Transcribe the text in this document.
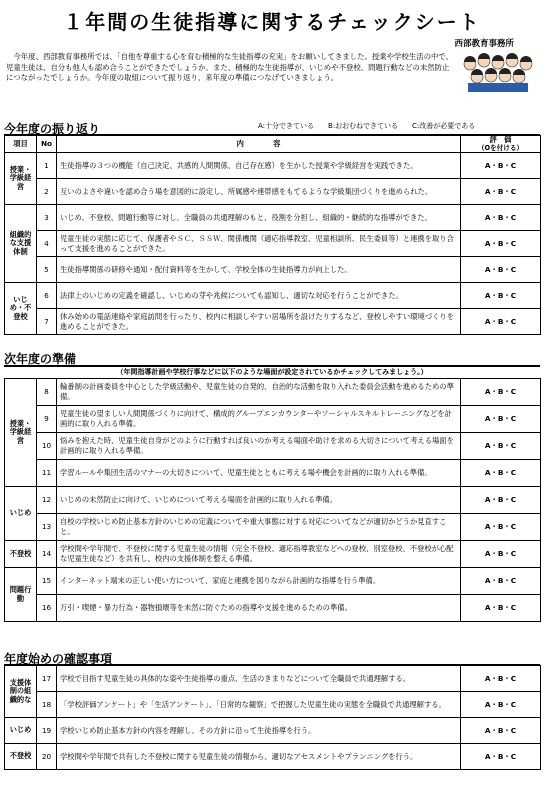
１年間の生徒指導に関するチェックシート
西部教育事務所
　今年度、西部教育事務所では、「自他を尊重する心を育む積極的な生徒指導の充実」をお願いしてきました。授業や学校生活の中で、児童生徒は、自分も他人も認め合うことができたでしょうか。また、積極的な生徒指導が、いじめや不登校、問題行動などの未然防止につながったでしょうか。今年度の取組について振り返り、来年度の準備につなげていきましょう。
今年度の振り返り	A:十分できている　　B:おおむねできている　　C:改善が必要である
項目	No	内　　　　容	評　価
（Oを付ける）

授業・学級経営	1	生徒指導の３つの機能（自己決定、共感的人間関係、自己存在感）を生かした授業や学級経営を実践できた。	A・B・C
	2	互いのよさや違いを認め合う場を意図的に設定し、所属感や連帯感をもてるような学級集団づくりを進められた。	A・B・C
組織的な支援体制	3	いじめ、不登校、問題行動等に対し、全職員の共通理解のもと、役割を分担し、組織的・継続的な指導ができた。	A・B・C
	4	児童生徒の実態に応じて、保護者やＳＣ、ＳＳＷ、関係機関（適応指導教室、児童相談所、民生委員等）と連携を取り合って支援を進めることができた。	A・B・C
	5	生徒指導関係の研修や通知・配付資料等を生かして、学校全体の生徒指導力が向上した。	A・B・C
いじめ・不登校	6	法律上のいじめの定義を確認し、いじめの芽や兆候についても認知し、適切な対応を行うことができた。	A・B・C
	7	休み始めの電話連絡や家庭訪問を行ったり、校内に相談しやすい居場所を設けたりするなど、登校しやすい環境づくりを進めることができた。	A・B・C
次年度の準備
（年間指導計画や学校行事などに以下のような場面が設定されているかチェックしてみましょう。）
授業・学級経営	8	輪番制の計画委員を中心とした学級活動や、児童生徒の自発的、自治的な活動を取り入れた委員会活動を進めるための準備。	A・B・C
	9	児童生徒の望ましい人間関係づくりに向けて、構成的グループエンカウンターやソーシャルスキルトレーニングなどを計画的に取り入れる準備。	A・B・C
	10	悩みを抱えた時、児童生徒自身がどのように行動すれば良いのか考える場面や助けを求める大切さについて考える場面を計画的に取り入れる準備。	A・B・C
	11	学習ルールや集団生活のマナーの大切さについて、児童生徒とともに考える場や機会を計画的に取り入れる準備。	A・B・C
いじめ	12	いじめの未然防止に向けて、いじめについて考える場面を計画的に取り入れる準備。	A・B・C
	13	自校の学校いじめ防止基本方針のいじめの定義についてや重大事態に対する対応についてなどが適切かどうか見直すこと。	A・B・C
不登校	14	学校間や学年間で、不登校に関する児童生徒の情報（完全不登校、適応指導教室などへの登校、別室登校、不登校が心配な児童生徒など）を共有し、校内の支援体制を整える準備。	A・B・C
問題行動	15	インターネット端末の正しい使い方について、家庭と連携を図りながら計画的な指導を行う準備。	A・B・C
	16	万引・喫煙・暴力行為・器物損壊等を未然に防ぐための指導や支援を進めるための準備。	A・B・C
年度始めの確認事項
支援体制の組織的な	17	学校で目指す児童生徒の具体的な姿や生徒指導の重点、生活のきまりなどについて全職員で共通理解する。	A・B・C
	18	「学校評価アンケート」や「生活アンケート」、「日常的な観察」で把握した児童生徒の実態を全職員で共通理解する。	A・B・C
いじめ	19	学校いじめ防止基本方針の内容を理解し、その方針に沿って生徒指導を行う。	A・B・C
不登校	20	学校間や学年間で共有した不登校に関する児童生徒の情報から、適切なアセスメントやプランニングを行う。	A・B・C
